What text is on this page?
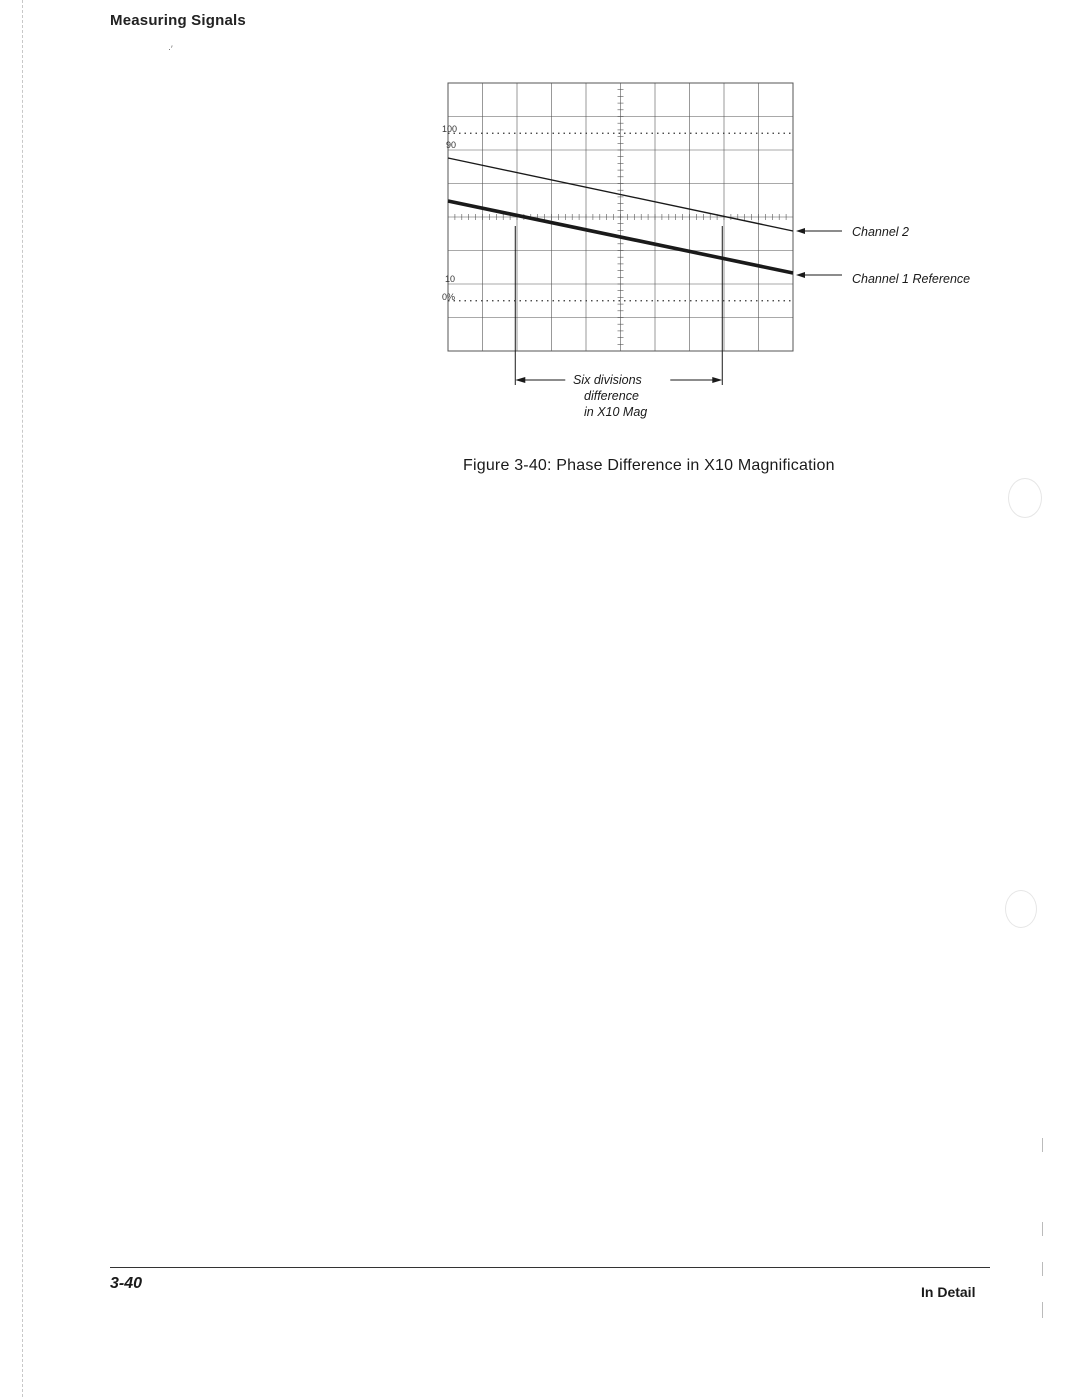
Measuring Signals
·′
100
90
10
0%
Channel 2
Channel 1 Reference
Six divisions
difference
in X10 Mag
Figure 3-40: Phase Difference in X10 Magnification
3-40	In Detail
